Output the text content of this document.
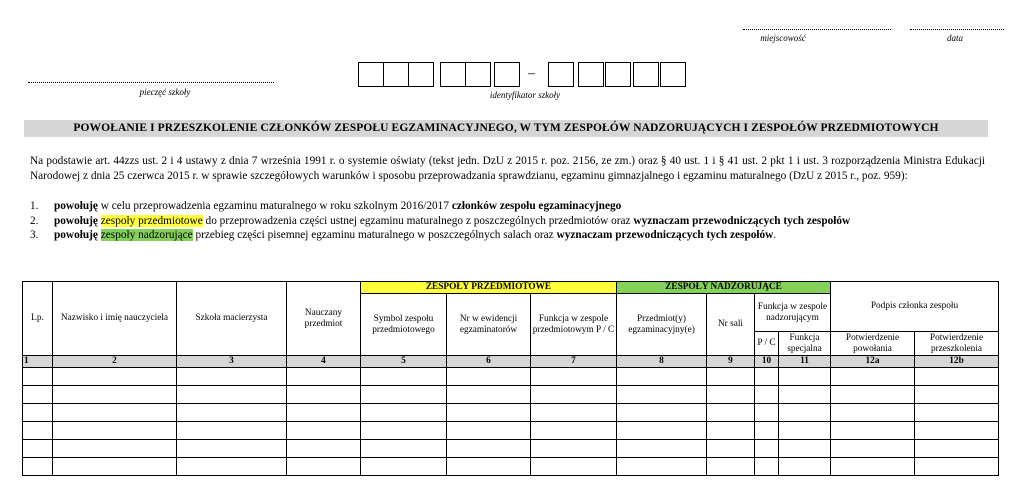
miejscowość	data
pieczęć szkoły
–
identyfikator szkoły
POWOŁANIE I PRZESZKOLENIE CZŁONKÓW ZESPOŁU EGZAMINACYJNEGO, W TYM ZESPOŁÓW NADZORUJĄCYCH I ZESPOŁÓW PRZEDMIOTOWYCH

Na podstawie art. 44zzs ust. 2 i 4 ustawy z dnia 7 września 1991 r. o systemie oświaty (tekst jedn. DzU z 2015 r. poz. 2156, ze zm.) oraz § 40 ust. 1 i § 41 ust. 2 pkt 1 i ust. 3 rozporządzenia Ministra Edukacji Narodowej z dnia 25 czerwca 2015 r. w sprawie szczegółowych warunków i sposobu przeprowadzania sprawdzianu, egzaminu gimnazjalnego i egzaminu maturalnego (DzU z 2015 r., poz. 959):

1. powołuję w celu przeprowadzenia egzaminu maturalnego w roku szkolnym 2016/2017 członków zespołu egzaminacyjnego
2. powołuję zespoły przedmiotowe do przeprowadzenia części ustnej egzaminu maturalnego z poszczególnych przedmiotów oraz wyznaczam przewodniczących tych zespołów
3. powołuję zespoły nadzorujące przebieg części pisemnej egzaminu maturalnego w poszczególnych salach oraz wyznaczam przewodniczących tych zespołów.
Lp.	Nazwisko i imię nauczyciela	Szkoła macierzysta	Nauczany przedmiot	ZESPOŁY PRZEDMIOTOWE			ZESPOŁY NADZORUJĄCE				Podpis członka zespołu	
				Symbol zespołu przedmiotowego	Nr w ewidencji egzaminatorów	Funkcja w zespole przedmiotowym P / C	Przedmiot(y) egzaminacyjny(e)	Nr sali	Funkcja w zespole nadzorującym			
									P / C	Funkcja specjalna	Potwierdzenie powołania	Potwierdzenie przeszkolenia
1	2	3	4	5	6	7	8	9	10	11	12a	12b
